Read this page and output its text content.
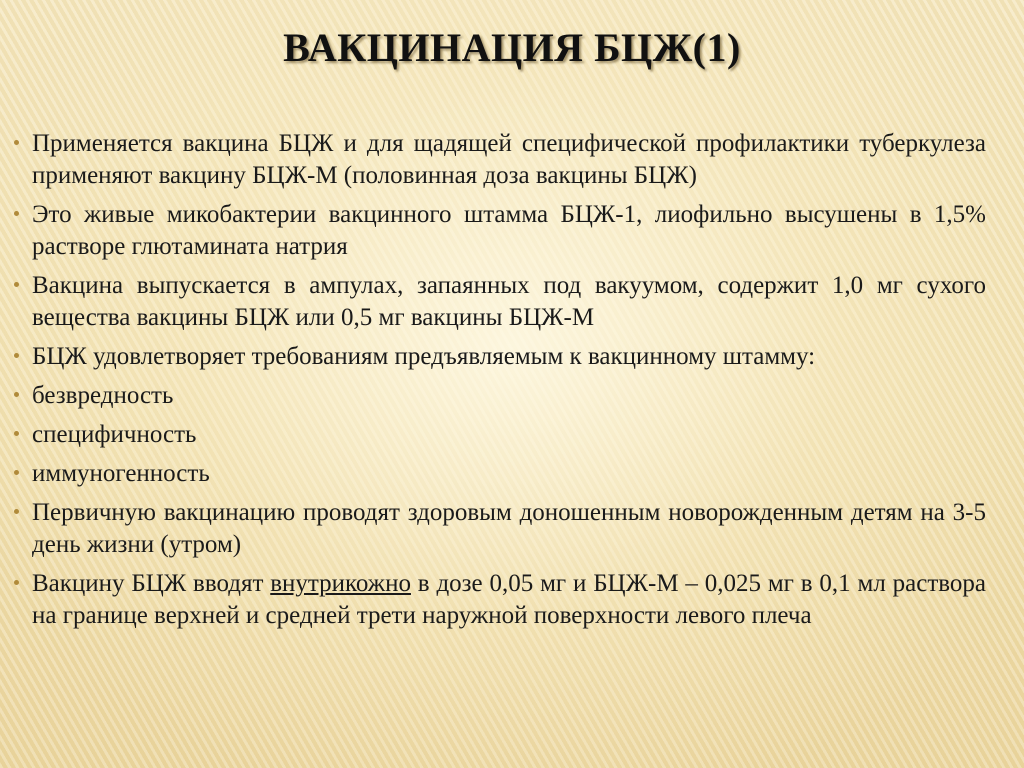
ВАКЦИНАЦИЯ БЦЖ(1)
Применяется вакцина БЦЖ и для щадящей специфической профилактики туберкулеза применяют вакцину БЦЖ-М (половинная доза вакцины БЦЖ)
Это живые микобактерии вакцинного штамма БЦЖ-1, лиофильно высушены в 1,5% растворе глютамината натрия
Вакцина выпускается в ампулах, запаянных под вакуумом, содержит 1,0 мг сухого вещества вакцины БЦЖ или 0,5 мг вакцины БЦЖ-М
БЦЖ удовлетворяет требованиям предъявляемым к вакцинному штамму:
безвредность
специфичность
иммуногенность
Первичную вакцинацию проводят здоровым доношенным новорожденным детям на 3-5 день жизни (утром)
Вакцину БЦЖ вводят внутрикожно в дозе 0,05 мг и БЦЖ-М – 0,025 мг в 0,1 мл раствора на границе верхней и средней трети наружной поверхности левого плеча
